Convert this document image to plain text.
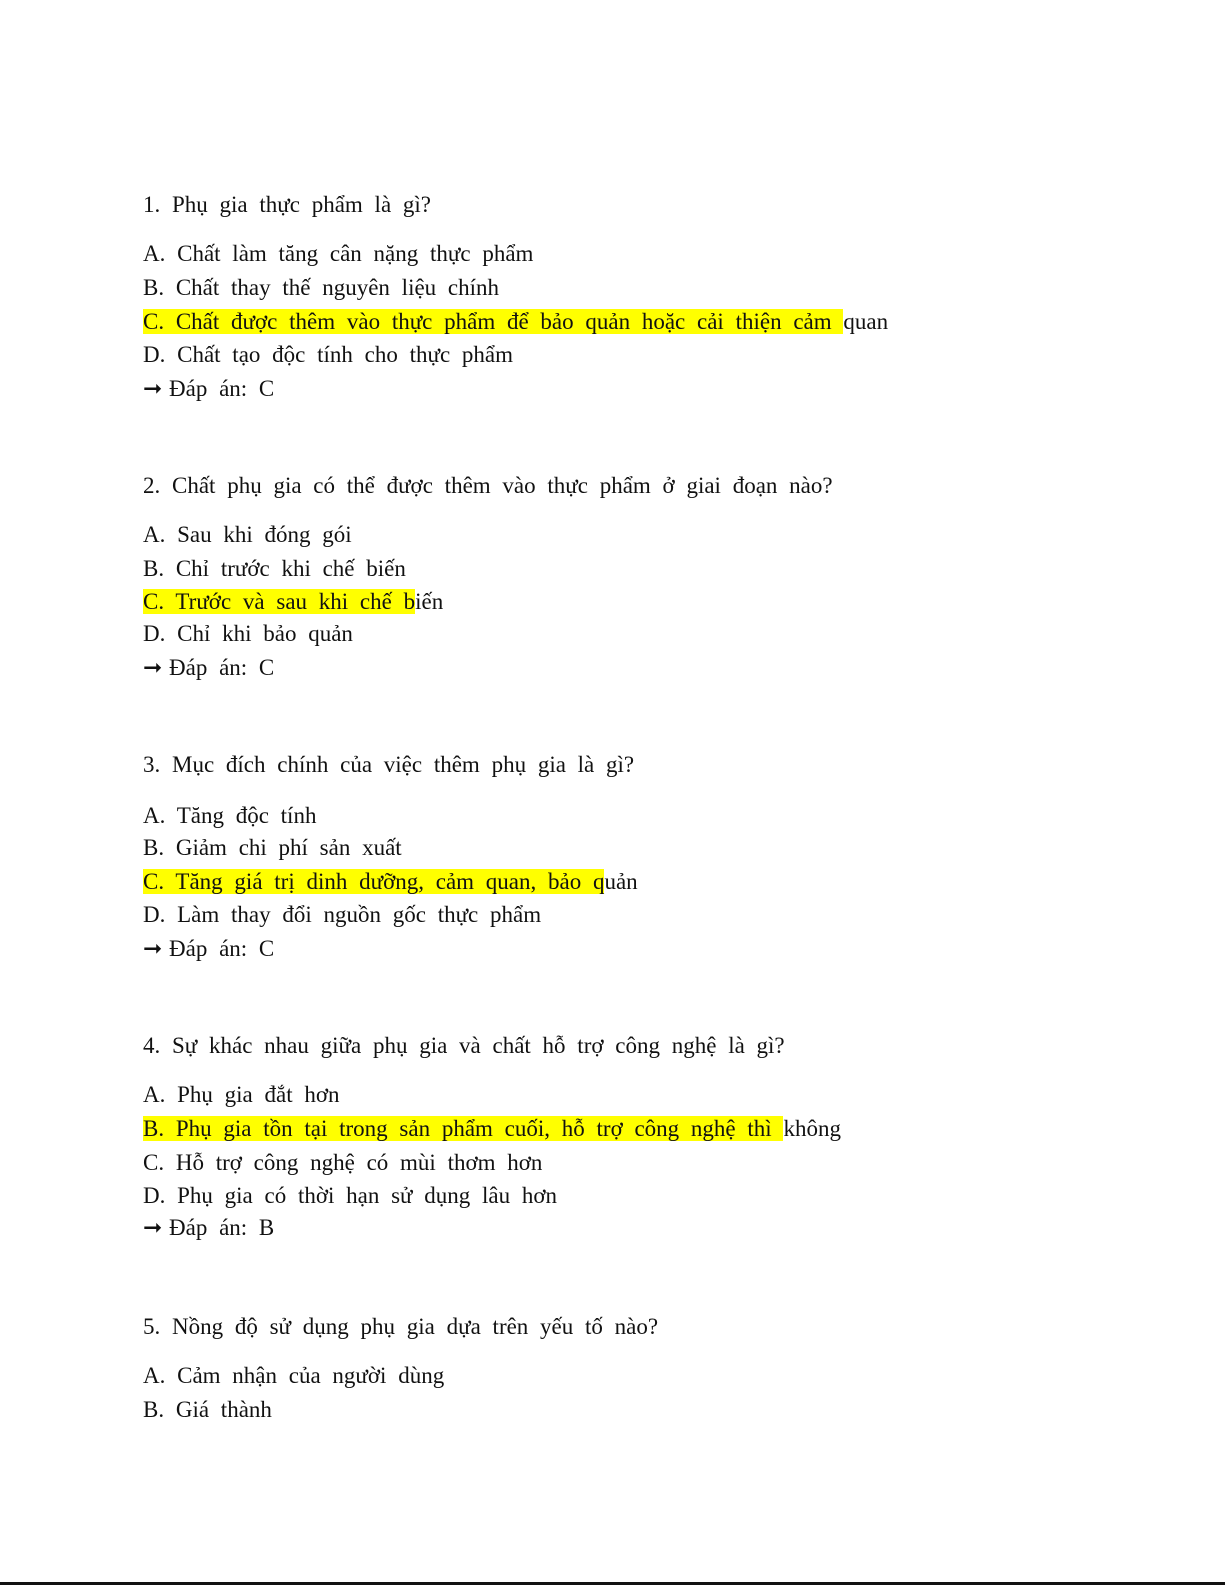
1. Phụ gia thực phẩm là gì?
A. Chất làm tăng cân nặng thực phẩm
B. Chất thay thế nguyên liệu chính
C. Chất được thêm vào thực phẩm để bảo quản hoặc cải thiện cảm quan
D. Chất tạo độc tính cho thực phẩm
➞ Đáp án: C
2. Chất phụ gia có thể được thêm vào thực phẩm ở giai đoạn nào?
A. Sau khi đóng gói
B. Chỉ trước khi chế biến
C. Trước và sau khi chế biến
D. Chỉ khi bảo quản
➞ Đáp án: C
3. Mục đích chính của việc thêm phụ gia là gì?
A. Tăng độc tính
B. Giảm chi phí sản xuất
C. Tăng giá trị dinh dưỡng, cảm quan, bảo quản
D. Làm thay đổi nguồn gốc thực phẩm
➞ Đáp án: C
4. Sự khác nhau giữa phụ gia và chất hỗ trợ công nghệ là gì?
A. Phụ gia đắt hơn
B. Phụ gia tồn tại trong sản phẩm cuối, hỗ trợ công nghệ thì không
C. Hỗ trợ công nghệ có mùi thơm hơn
D. Phụ gia có thời hạn sử dụng lâu hơn
➞ Đáp án: B
5. Nồng độ sử dụng phụ gia dựa trên yếu tố nào?
A. Cảm nhận của người dùng
B. Giá thành
